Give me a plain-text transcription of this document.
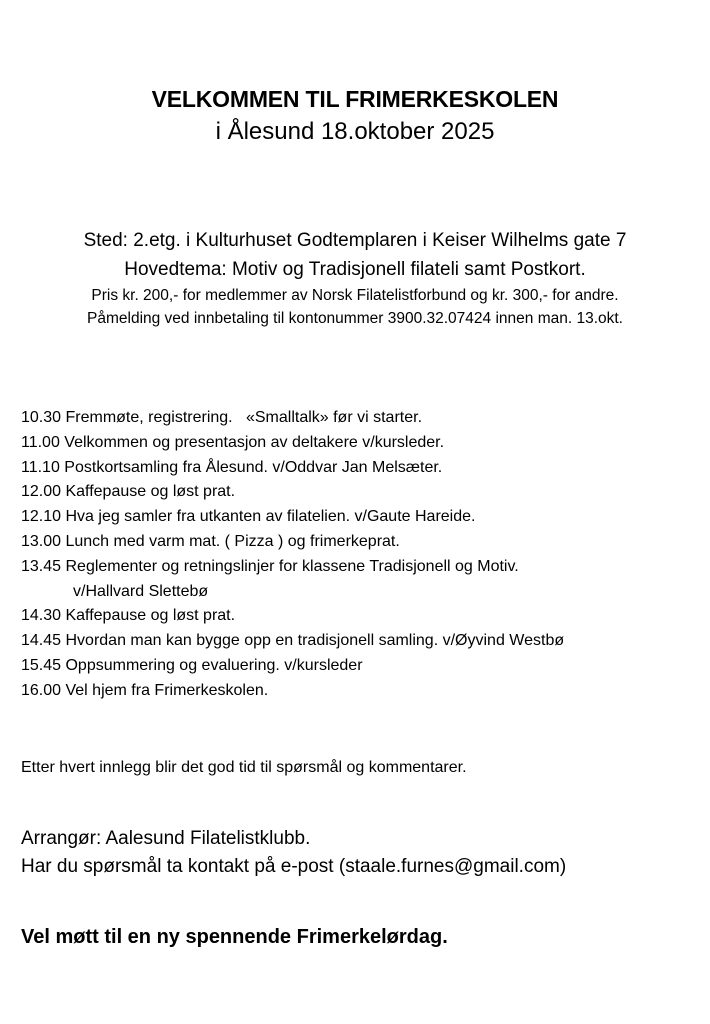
VELKOMMEN TIL FRIMERKESKOLEN
i Ålesund 18.oktober 2025
Sted: 2.etg. i Kulturhuset Godtemplaren i Keiser Wilhelms gate 7
Hovedtema: Motiv og Tradisjonell filateli samt Postkort.
Pris kr. 200,- for medlemmer av Norsk Filatelistforbund og kr. 300,- for andre.
Påmelding ved innbetaling til kontonummer 3900.32.07424 innen man. 13.okt.
10.30 Fremmøte, registrering.   «Smalltalk» før vi starter.
11.00 Velkommen og presentasjon av deltakere v/kursleder.
11.10 Postkortsamling fra Ålesund. v/Oddvar Jan Melsæter.
12.00 Kaffepause og løst prat.
12.10 Hva jeg samler fra utkanten av filatelien. v/Gaute Hareide.
13.00 Lunch med varm mat. ( Pizza ) og frimerkeprat.
13.45 Reglementer og retningslinjer for klassene Tradisjonell og Motiv.
v/Hallvard Slettebø
14.30 Kaffepause og løst prat.
14.45 Hvordan man kan bygge opp en tradisjonell samling. v/Øyvind Westbø
15.45 Oppsummering og evaluering. v/kursleder
16.00 Vel hjem fra Frimerkeskolen.
Etter hvert innlegg blir det god tid til spørsmål og kommentarer.
Arrangør: Aalesund Filatelistklubb.
Har du spørsmål ta kontakt på e-post (staale.furnes@gmail.com)
Vel møtt til en ny spennende Frimerkelørdag.
